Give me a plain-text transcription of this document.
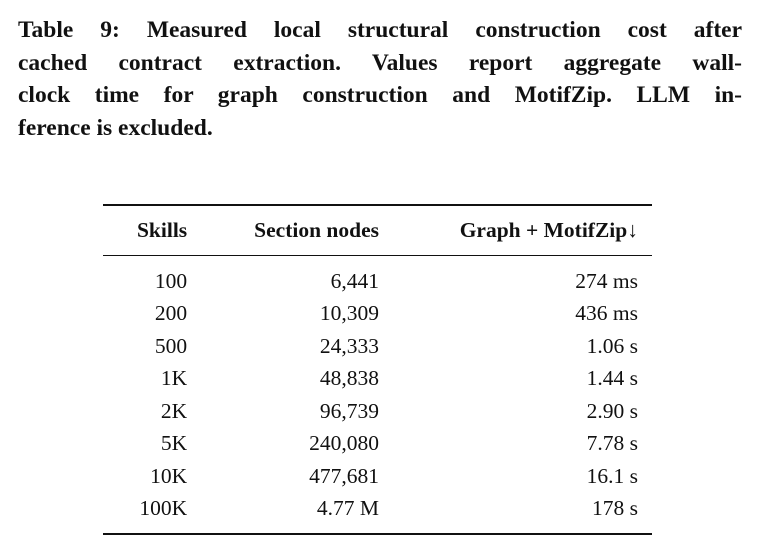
Table 9: Measured local structural construction cost after
cached contract extraction. Values report aggregate wall-
clock time for graph construction and MotifZip. LLM in-
ference is excluded.
Skills	Section nodes	Graph + MotifZip↓
100	6,441	274 ms
200	10,309	436 ms
500	24,333	1.06 s
1K	48,838	1.44 s
2K	96,739	2.90 s
5K	240,080	7.78 s
10K	477,681	16.1 s
100K	4.77 M	178 s
